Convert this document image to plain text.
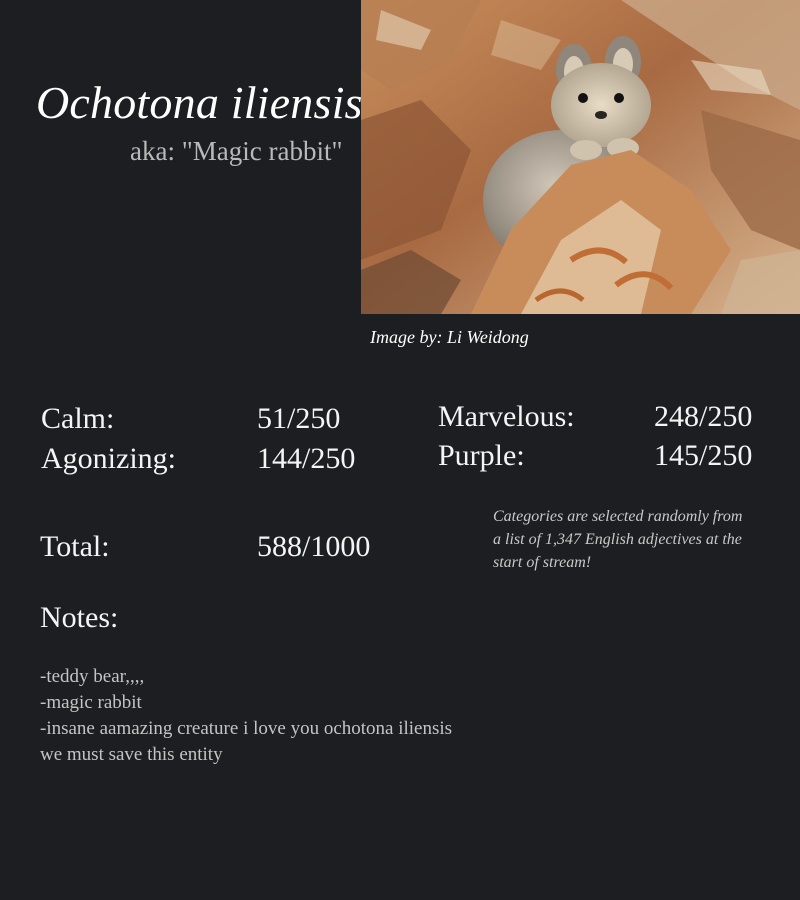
Ochotona iliensis
aka: "Magic rabbit"
Image by: Li Weidong
Calm:	51/250
Agonizing:	144/250
Marvelous:	248/250
Purple:	145/250
Total:	588/1000
Categories are selected randomly from a list of 1,347 English adjectives at the start of stream!
Notes:
-teddy bear,,,,
-magic rabbit
-insane aamazing creature i love you ochotona iliensis
we must save this entity
